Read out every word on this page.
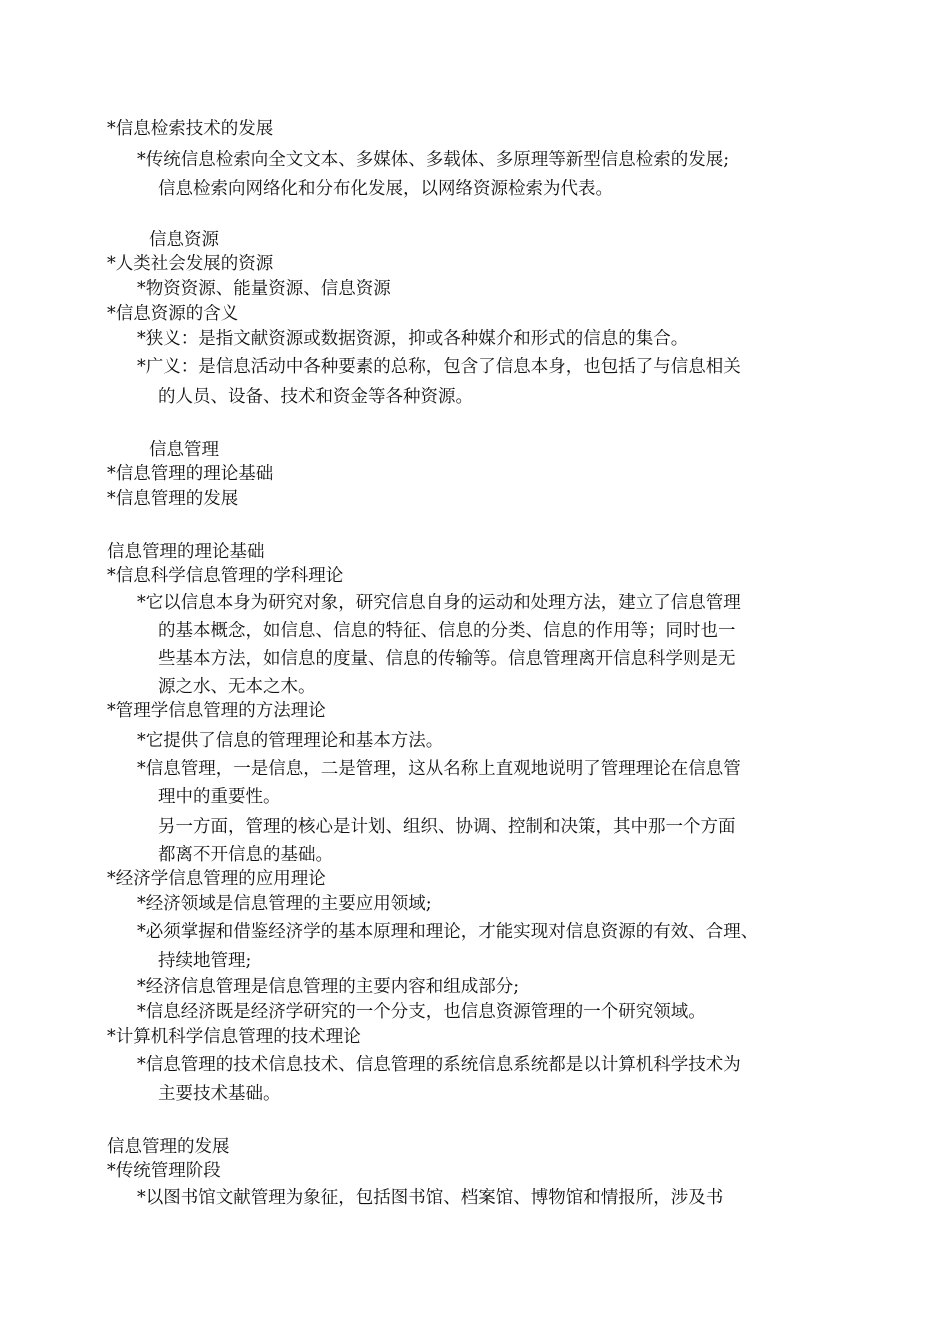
*信息检索技术的发展
*传统信息检索向全文文本、多媒体、多载体、多原理等新型信息检索的发展;
信息检索向网络化和分布化发展，以网络资源检索为代表。
信息资源
*人类社会发展的资源
*物资资源、能量资源、信息资源
*信息资源的含义
*狭义：是指文献资源或数据资源，抑或各种媒介和形式的信息的集合。
*广义：是信息活动中各种要素的总称，包含了信息本身，也包括了与信息相关
的人员、设备、技术和资金等各种资源。
信息管理
*信息管理的理论基础
*信息管理的发展
信息管理的理论基础
*信息科学信息管理的学科理论
*它以信息本身为研究对象，研究信息自身的运动和处理方法，建立了信息管理
的基本概念，如信息、信息的特征、信息的分类、信息的作用等；同时也一
些基本方法，如信息的度量、信息的传输等。信息管理离开信息科学则是无
源之水、无本之木。
*管理学信息管理的方法理论
*它提供了信息的管理理论和基本方法。
*信息管理，一是信息，二是管理，这从名称上直观地说明了管理理论在信息管
理中的重要性。
另一方面，管理的核心是计划、组织、协调、控制和决策，其中那一个方面
都离不开信息的基础。
*经济学信息管理的应用理论
*经济领域是信息管理的主要应用领域;
*必须掌握和借鉴经济学的基本原理和理论，才能实现对信息资源的有效、合理、
持续地管理;
*经济信息管理是信息管理的主要内容和组成部分;
*信息经济既是经济学研究的一个分支，也信息资源管理的一个研究领域。
*计算机科学信息管理的技术理论
*信息管理的技术信息技术、信息管理的系统信息系统都是以计算机科学技术为
主要技术基础。
信息管理的发展
*传统管理阶段
*以图书馆文献管理为象征，包括图书馆、档案馆、博物馆和情报所，涉及书
